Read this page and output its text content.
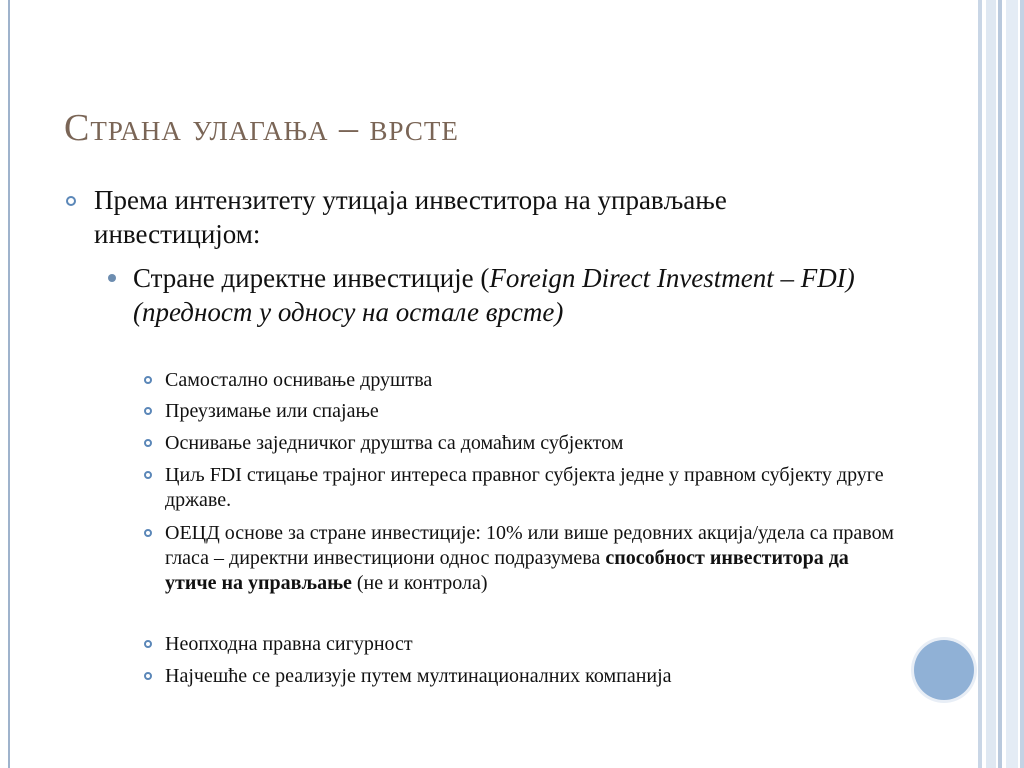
Страна улагања – врсте
Према интензитету утицаја инвеститора на управљање инвестицијом:
Стране директне инвестиције (Foreign Direct Investment – FDI) (предност у односу на остале врсте)
Самостално оснивање друштва
Преузимање или спајање
Оснивање заједничког друштва са домаћим субјектом
Циљ FDI стицање трајног интереса правног субјекта једне у правном субјекту друге државе.
ОЕЦД основе за стране инвестиције: 10% или више редовних акција/удела са правом гласа – директни инвестициони однос подразумева способност инвеститора да утиче на управљање (не и контрола)
Неопходна правна сигурност
Најчешће се реализује путем мултинационалних компанија
